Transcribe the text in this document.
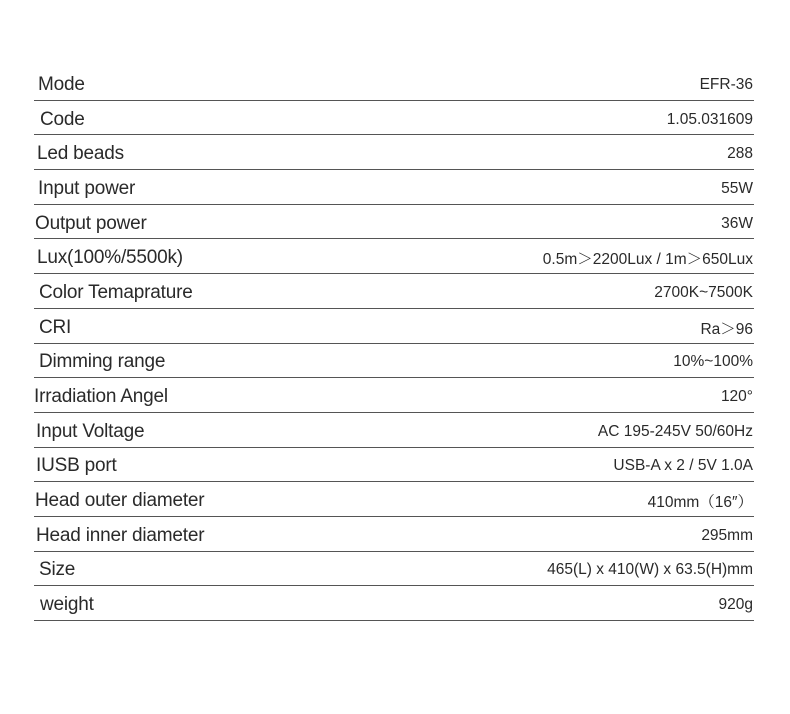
Mode	EFR-36
Code	1.05.031609
Led beads	288
Input power	55W
Output power	36W
Lux(100%/5500k)	0.5m＞2200Lux / 1m＞650Lux
Color Temaprature	2700K~7500K
CRI	Ra＞96
Dimming range	10%~100%
Irradiation Angel	120°
Input Voltage	AC 195-245V 50/60Hz
IUSB port	USB-A x 2 / 5V 1.0A
Head outer diameter	410mm（16″）
Head inner diameter	295mm
Size	465(L) x 410(W) x 63.5(H)mm
weight	920g
